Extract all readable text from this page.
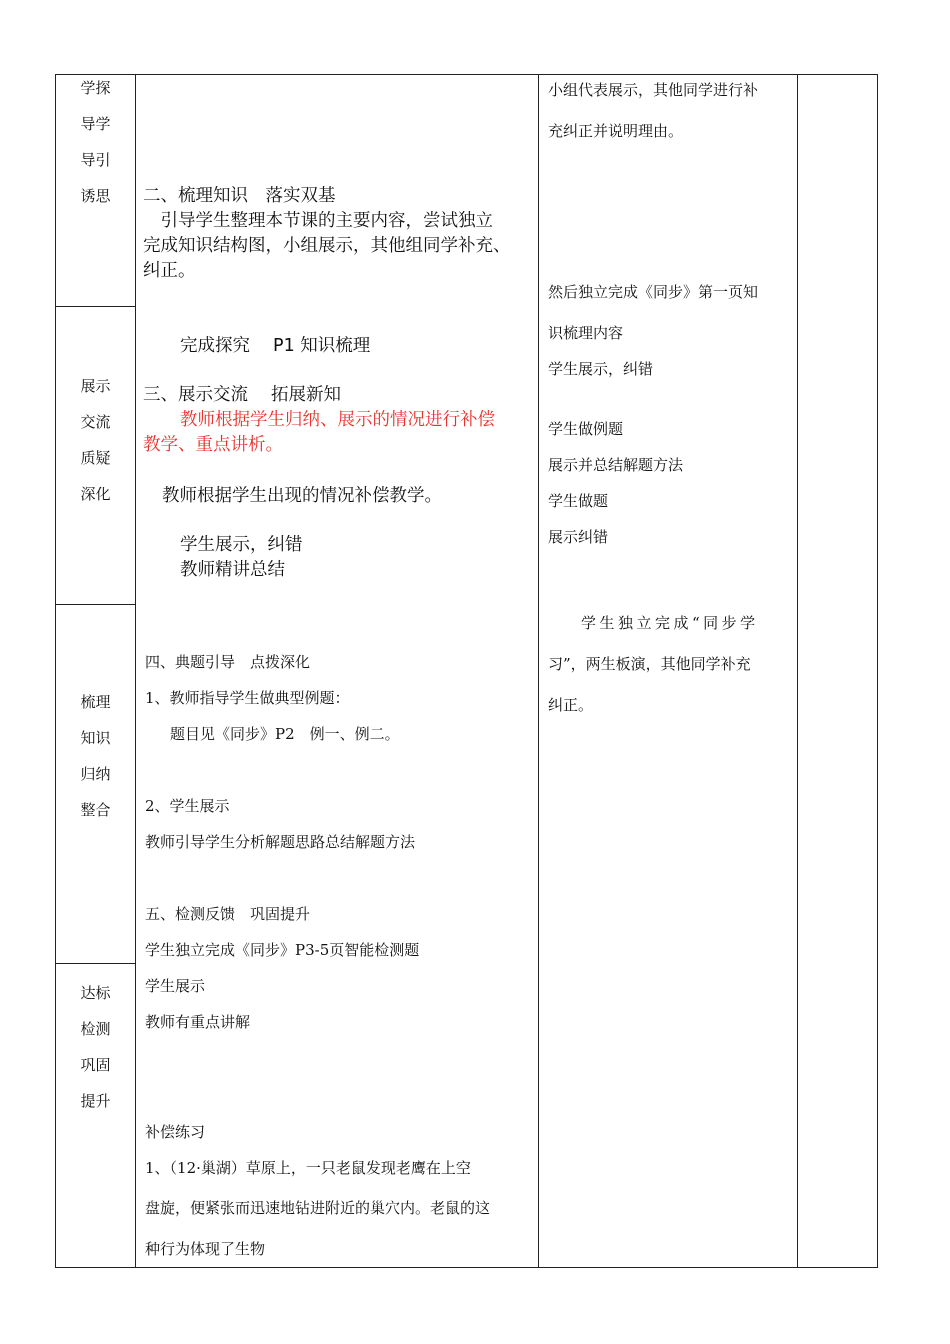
学探
导学
导引
诱思
展示
交流
质疑
深化
梳理
知识
归纳
整合
达标
检测
巩固
提升
二、梳理知识　落实双基
　引导学生整理本节课的主要内容，尝试独立
完成知识结构图，小组展示，其他组同学补充、
纠正。
完成探究　 P1 知识梳理
三、展示交流　 拓展新知
教师根据学生归纳、展示的情况进行补偿
教学、重点讲析。
教师根据学生出现的情况补偿教学。
学生展示，纠错
教师精讲总结
四、典题引导　点拨深化
1、教师指导学生做典型例题：
题目见《同步》P2　例一、例二。
2、学生展示
教师引导学生分析解题思路总结解题方法
五、检测反馈　巩固提升
学生独立完成《同步》P3-5页智能检测题
学生展示
教师有重点讲解
补偿练习
1、（12·巢湖）草原上，一只老鼠发现老鹰在上空
盘旋，便紧张而迅速地钻进附近的巢穴内。老鼠的这
种行为体现了生物
小组代表展示，其他同学进行补
充纠正并说明理由。
然后独立完成《同步》第一页知
识梳理内容
学生展示，纠错
学生做例题
展示并总结解题方法
学生做题
展示纠错
学生独立完成“同步学
习”，两生板演，其他同学补充
纠正。
